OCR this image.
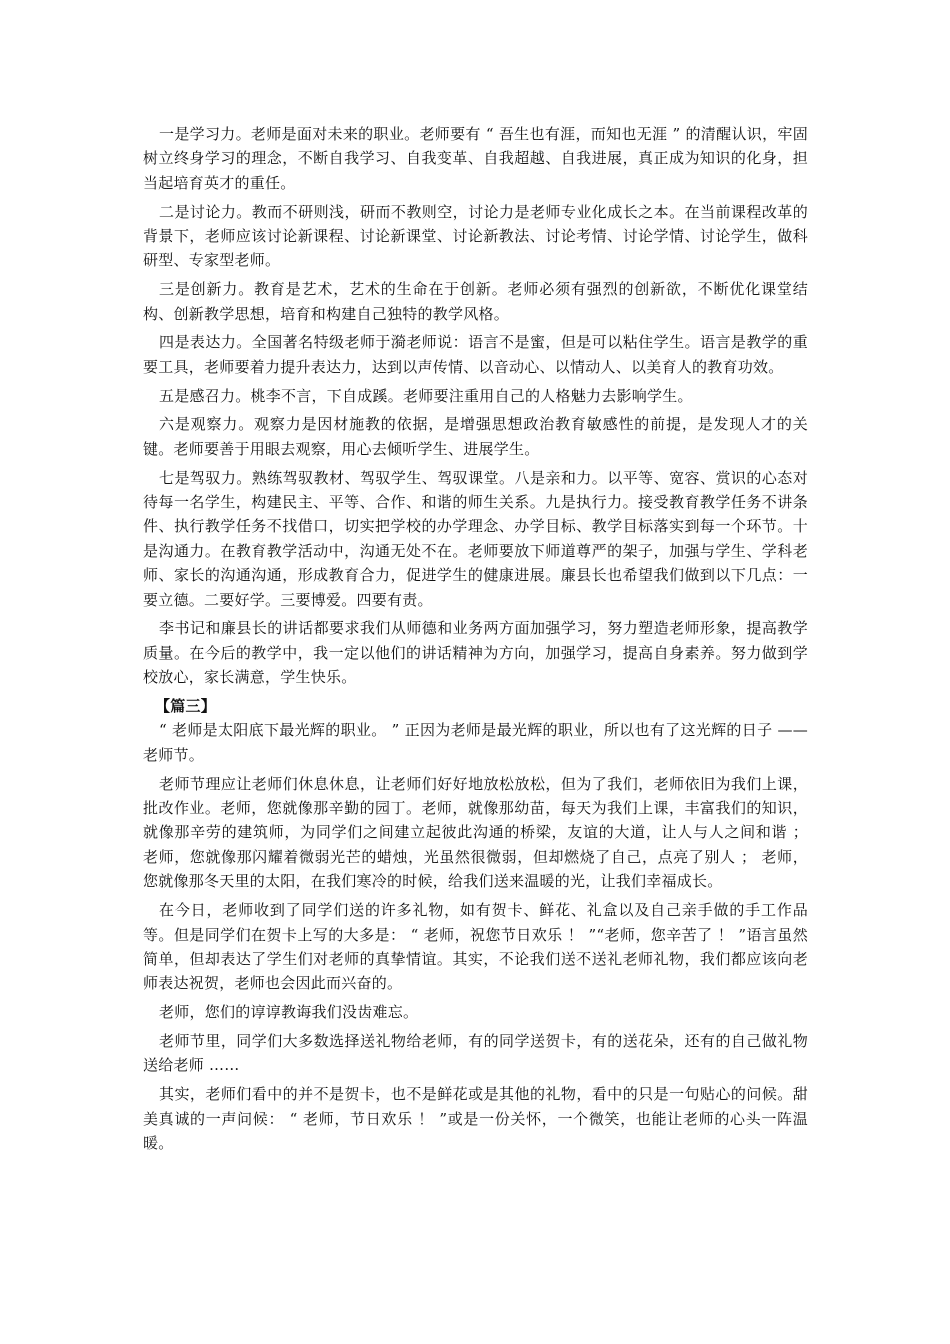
一是学习力。老师是面对未来的职业。老师要有 “ 吾生也有涯，而知也无涯 ” 的清醒认识，牢固树立终身学习的理念，不断自我学习、自我变革、自我超越、自我进展，真正成为知识的化身，担当起培育英才的重任。

二是讨论力。教而不研则浅，研而不教则空，讨论力是老师专业化成长之本。在当前课程改革的背景下，老师应该讨论新课程、讨论新课堂、讨论新教法、讨论考情、讨论学情、讨论学生，做科研型、专家型老师。

三是创新力。教育是艺术，艺术的生命在于创新。老师必须有强烈的创新欲，不断优化课堂结构、创新教学思想，培育和构建自己独特的教学风格。

四是表达力。全国著名特级老师于漪老师说：语言不是蜜，但是可以粘住学生。语言是教学的重要工具，老师要着力提升表达力，达到以声传情、以音动心、以情动人、以美育人的教育功效。

五是感召力。桃李不言，下自成蹊。老师要注重用自己的人格魅力去影响学生。

六是观察力。观察力是因材施教的依据，是增强思想政治教育敏感性的前提，是发现人才的关键。老师要善于用眼去观察，用心去倾听学生、进展学生。

七是驾驭力。熟练驾驭教材、驾驭学生、驾驭课堂。八是亲和力。以平等、宽容、赏识的心态对待每一名学生，构建民主、平等、合作、和谐的师生关系。九是执行力。接受教育教学任务不讲条件、执行教学任务不找借口，切实把学校的办学理念、办学目标、教学目标落实到每一个环节。十是沟通力。在教育教学活动中，沟通无处不在。老师要放下师道尊严的架子，加强与学生、学科老师、家长的沟通沟通，形成教育合力，促进学生的健康进展。廉县长也希望我们做到以下几点：一要立德。二要好学。三要博爱。四要有责。

李书记和廉县长的讲话都要求我们从师德和业务两方面加强学习，努力塑造老师形象，提高教学质量。在今后的教学中，我一定以他们的讲话精神为方向，加强学习，提高自身素养。努力做到学校放心，家长满意，学生快乐。

【篇三】

“ 老师是太阳底下最光辉的职业。 ” 正因为老师是最光辉的职业，所以也有了这光辉的日子 —— 老师节。

老师节理应让老师们休息休息，让老师们好好地放松放松，但为了我们，老师依旧为我们上课，批改作业。老师，您就像那辛勤的园丁。老师，就像那幼苗，每天为我们上课，丰富我们的知识，就像那辛劳的建筑师，为同学们之间建立起彼此沟通的桥梁，友谊的大道，让人与人之间和谐 ； 老师，您就像那闪耀着微弱光芒的蜡烛，光虽然很微弱，但却燃烧了自己，点亮了别人 ； 老师，您就像那冬天里的太阳，在我们寒冷的时候，给我们送来温暖的光，让我们幸福成长。

在今日，老师收到了同学们送的许多礼物，如有贺卡、鲜花、礼盒以及自己亲手做的手工作品等。但是同学们在贺卡上写的大多是： “ 老师，祝您节日欢乐 ！ ”“老师，您辛苦了 ！ ”语言虽然简单，但却表达了学生们对老师的真挚情谊。其实，不论我们送不送礼老师礼物，我们都应该向老师表达祝贺，老师也会因此而兴奋的。

老师，您们的谆谆教诲我们没齿难忘。

老师节里，同学们大多数选择送礼物给老师，有的同学送贺卡，有的送花朵，还有的自己做礼物送给老师 ……

其实，老师们看中的并不是贺卡，也不是鲜花或是其他的礼物，看中的只是一句贴心的问候。甜美真诚的一声问候： “ 老师，节日欢乐 ！ ”或是一份关怀，一个微笑，也能让老师的心头一阵温暖。
